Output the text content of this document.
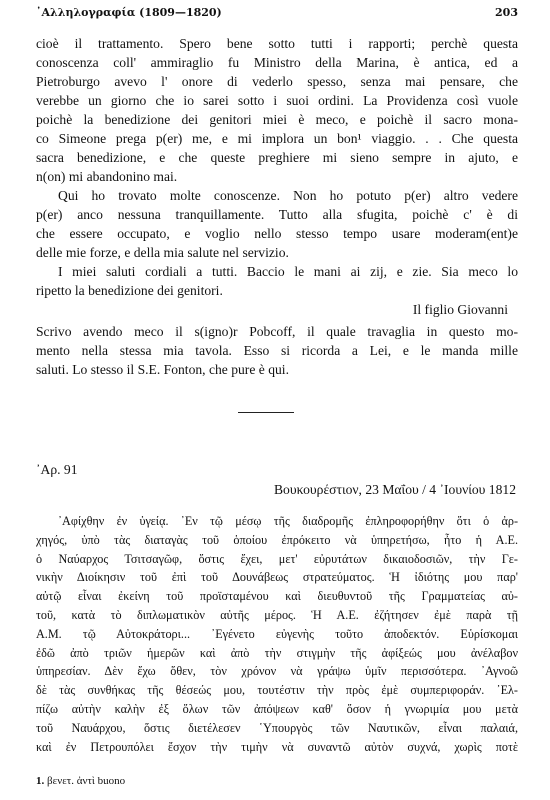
᾿Αλληλογραφία (1809—1820)	203
cioè il trattamento. Spero bene sotto tutti i rapporti; perchè questa
conoscenza coll' ammiraglio fu Ministro della Marina, è antica, ed a
Pietroburgo avevo l' onore di vederlo spesso, senza mai pensare, che
verebbe un giorno che io sarei sotto i suoi ordini. La Providenza così vuole
poichè la benedizione dei genitori miei è meco, e poichè il sacro mona-
co Simeone prega p(er) me, e mi implora un bon¹ viaggio. . . Che questa
sacra benedizione, e che queste preghiere mi sieno sempre in ajuto, e
n(on) mi abandonino mai.
Qui ho trovato molte conoscenze. Non ho potuto p(er) altro vedere
p(er) anco nessuna tranquillamente. Tutto alla sfugita, poichè c' è di
che essere occupato, e voglio nello stesso tempo usare moderam(ent)e
delle mie forze, e della mia salute nel servizio.
I miei saluti cordiali a tutti. Baccio le mani ai zij, e zie. Sia meco lo
ripetto la benedizione dei genitori.
Il figlio Giovanni
Scrivo avendo meco il s(igno)r Pobcoff, il quale travaglia in questo mo-
mento nella stessa mia tavola. Esso si ricorda a Lei, e le manda mille
saluti. Lo stesso il S.E. Fonton, che pure è qui.
᾿Αρ. 91
Βουκουρέστιον, 23 Μαΐου / 4 ᾿Ιουνίου 1812
᾿Αφίχθην ἐν ὑγείᾳ. ᾿Εν τῷ μέσῳ τῆς διαδρομῆς ἐπληροφορήθην ὅτι ὁ ἀρ-
χηγός, ὑπὸ τὰς διαταγὰς τοῦ ὁποίου ἐπρόκειτο νὰ ὑπηρετήσω, ἦτο ἡ Α.Ε.
ὁ Ναύαρχος Τσιτσαγῶφ, ὅστις ἔχει, μετ' εὐρυτάτων δικαιοδοσιῶν, τὴν Γε-
νικὴν Διοίκησιν τοῦ ἐπὶ τοῦ Δουνάβεως στρατεύματος. Ἡ ἰδιότης μου παρ'
αὐτῷ εἶναι ἐκείνη τοῦ προϊσταμένου καὶ διευθυντοῦ τῆς Γραμματείας αὐ-
τοῦ, κατὰ τὸ διπλωματικὸν αὐτῆς μέρος. Ἡ Α.Ε. ἐζήτησεν ἐμὲ παρὰ τῇ
Α.Μ. τῷ Αὐτοκράτορι... ᾿Εγένετο εὐγενὴς τοῦτο ἀποδεκτόν. Εὑρίσκομαι
ἐδῶ ἀπὸ τριῶν ἡμερῶν καὶ ἀπὸ τὴν στιγμὴν τῆς ἀφίξεώς μου ἀνέλαβον
ὑπηρεσίαν. Δὲν ἔχω ὅθεν, τὸν χρόνον νὰ γράψω ὑμῖν περισσότερα. ᾿Αγνοῶ
δὲ τὰς συνθήκας τῆς θέσεώς μου, τουτέστιν τὴν πρὸς ἐμὲ συμπεριφοράν. ᾿Ελ-
πίζω αὐτὴν καλὴν ἐξ ὅλων τῶν ἀπόψεων καθ' ὅσον ἡ γνωριμία μου μετὰ
τοῦ Ναυάρχου, ὅστις διετέλεσεν ῾Υπουργὸς τῶν Ναυτικῶν, εἶναι παλαιά,
καὶ ἐν Πετρουπόλει ἔσχον τὴν τιμὴν νὰ συναντῶ αὐτὸν συχνά, χωρὶς ποτὲ
1. βενετ. ἀντὶ buono
